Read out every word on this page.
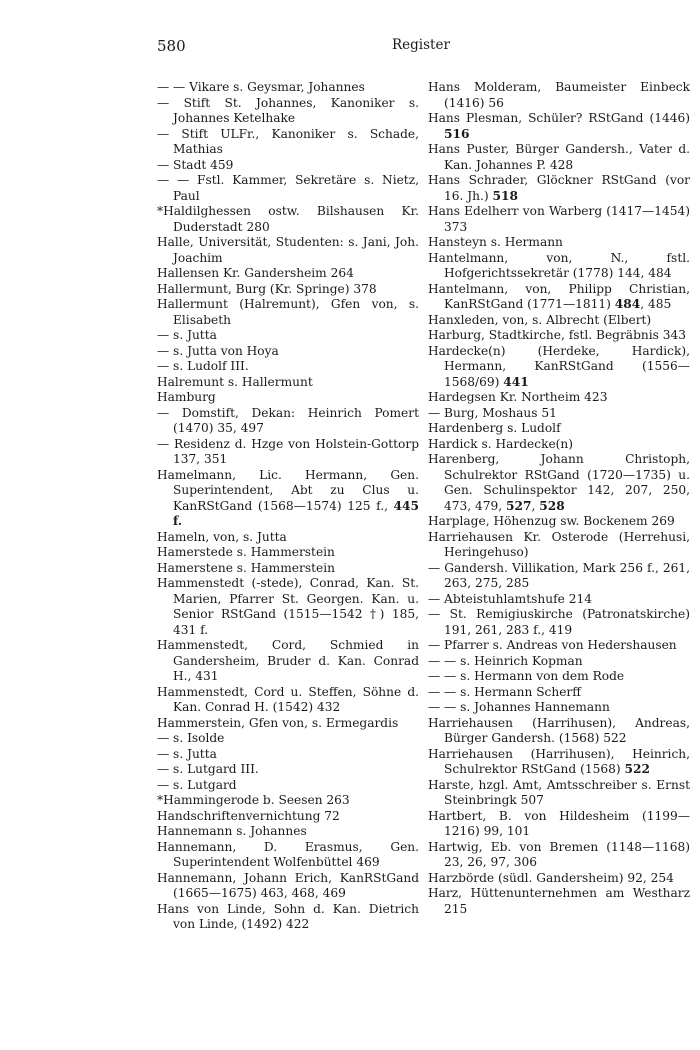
580	Register

— — Vikare s. Geysmar, Johannes

— Stift St. Johannes, Kanoniker s. Johannes Ketelhake

— Stift ULFr., Kanoniker s. Schade, Mathias

— Stadt 459

— — Fstl. Kammer, Sekretäre s. Nietz, Paul

*Haldilghessen ostw. Bilshausen Kr. Duderstadt 280

Halle, Universität, Studenten: s. Jani, Joh. Joachim

Hallensen Kr. Gandersheim 264

Hallermunt, Burg (Kr. Springe) 378

Hallermunt (Halremunt), Gfen von, s. Elisabeth

— s. Jutta

— s. Jutta von Hoya

— s. Ludolf III.

Halremunt s. Hallermunt

Hamburg

— Domstift, Dekan: Heinrich Pomert (1470) 35, 497

— Residenz d. Hzge von Holstein-Gottorp 137, 351

Hamelmann, Lic. Hermann, Gen. Superintendent, Abt zu Clus u. KanRStGand (1568—1574) 125 f., 445 f.

Hameln, von, s. Jutta

Hamerstede s. Hammerstein

Hamerstene s. Hammerstein

Hammenstedt (-stede), Conrad, Kan. St. Marien, Pfarrer St. Georgen. Kan. u. Senior RStGand (1515—1542 †) 185, 431 f.

Hammenstedt, Cord, Schmied in Gandersheim, Bruder d. Kan. Conrad H., 431

Hammenstedt, Cord u. Steffen, Söhne d. Kan. Conrad H. (1542) 432

Hammerstein, Gfen von, s. Ermegardis

— s. Isolde

— s. Jutta

— s. Lutgard III.

— s. Lutgard

*Hammingerode b. Seesen 263

Handschriftenvernichtung 72

Hannemann s. Johannes

Hannemann, D. Erasmus, Gen. Superintendent Wolfenbüttel 469

Hannemann, Johann Erich, KanRStGand (1665—1675) 463, 468, 469

Hans von Linde, Sohn d. Kan. Dietrich von Linde, (1492) 422

Hans Molderam, Baumeister Einbeck (1416) 56

Hans Plesman, Schüler? RStGand (1446) 516

Hans Puster, Bürger Gandersh., Vater d. Kan. Johannes P. 428

Hans Schrader, Glöckner RStGand (vor 16. Jh.) 518

Hans Edelherr von Warberg (1417—1454) 373

Hansteyn s. Hermann

Hantelmann, von, N., fstl. Hofgerichtssekretär (1778) 144, 484

Hantelmann, von, Philipp Christian, KanRStGand (1771—1811) 484, 485

Hanxleden, von, s. Albrecht (Elbert)

Harburg, Stadtkirche, fstl. Begräbnis 343

Hardecke(n) (Herdeke, Hardick), Hermann, KanRStGand (1556—1568/69) 441

Hardegsen Kr. Northeim 423

— Burg, Moshaus 51

Hardenberg s. Ludolf

Hardick s. Hardecke(n)

Harenberg, Johann Christoph, Schulrektor RStGand (1720—1735) u. Gen. Schulinspektor 142, 207, 250, 473, 479, 527, 528

Harplage, Höhenzug sw. Bockenem 269

Harriehausen Kr. Osterode (Herrehusi, Heringehuso)

— Gandersh. Villikation, Mark 256 f., 261, 263, 275, 285

— Abteistuhlamtshufe 214

— St. Remigiuskirche (Patronatskirche) 191, 261, 283 f., 419

— Pfarrer s. Andreas von Hedershausen

— — s. Heinrich Kopman

— — s. Hermann von dem Rode

— — s. Hermann Scherff

— — s. Johannes Hannemann

Harriehausen (Harrihusen), Andreas, Bürger Gandersh. (1568) 522

Harriehausen (Harrihusen), Heinrich, Schulrektor RStGand (1568) 522

Harste, hzgl. Amt, Amtsschreiber s. Ernst Steinbringk 507

Hartbert, B. von Hildesheim (1199—1216) 99, 101

Hartwig, Eb. von Bremen (1148—1168) 23, 26, 97, 306

Harzbörde (südl. Gandersheim) 92, 254

Harz, Hüttenunternehmen am Westharz 215
